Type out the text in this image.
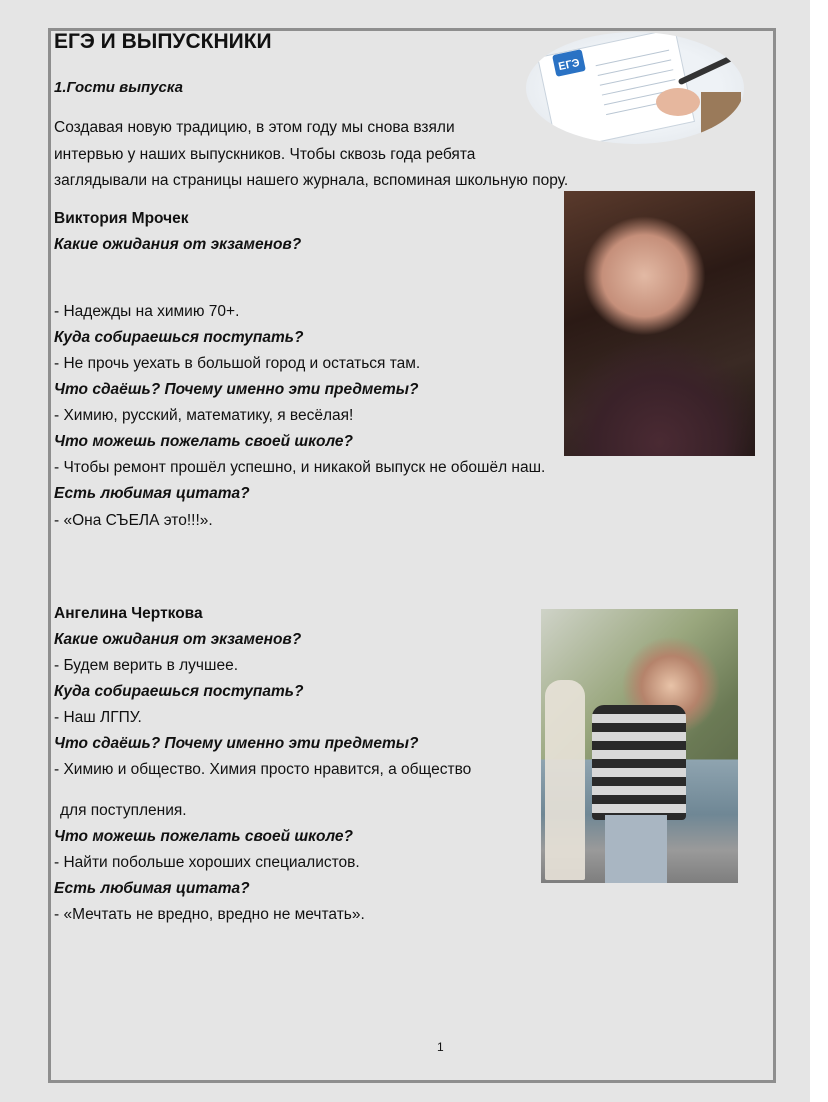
ЕГЭ И ВЫПУСКНИКИ
1.Гости выпуска
Создавая новую традицию, в этом году мы снова взяли
интервью у наших выпускников. Чтобы сквозь года ребята
заглядывали на страницы нашего журнала, вспоминая школьную пору.
ЕГЭ
Виктория Мрочек
Какие ожидания от экзаменов?
- Надежды на химию 70+.
Куда собираешься поступать?
- Не прочь уехать в большой город и остаться там.
Что сдаёшь? Почему именно эти предметы?
- Химию, русский, математику, я весёлая!
Что можешь пожелать своей школе?
- Чтобы ремонт прошёл успешно, и никакой выпуск не обошёл наш.
Есть любимая цитата?
- «Она СЪЕЛА это!!!».
Ангелина Черткова
Какие ожидания от экзаменов?
- Будем верить в лучшее.
Куда собираешься поступать?
- Наш ЛГПУ.
Что сдаёшь? Почему именно эти предметы?
- Химию и общество. Химия просто нравится, а общество
для поступления.
Что можешь пожелать своей школе?
- Найти побольше хороших специалистов.
Есть любимая цитата?
- «Мечтать не вредно, вредно не мечтать».
1
